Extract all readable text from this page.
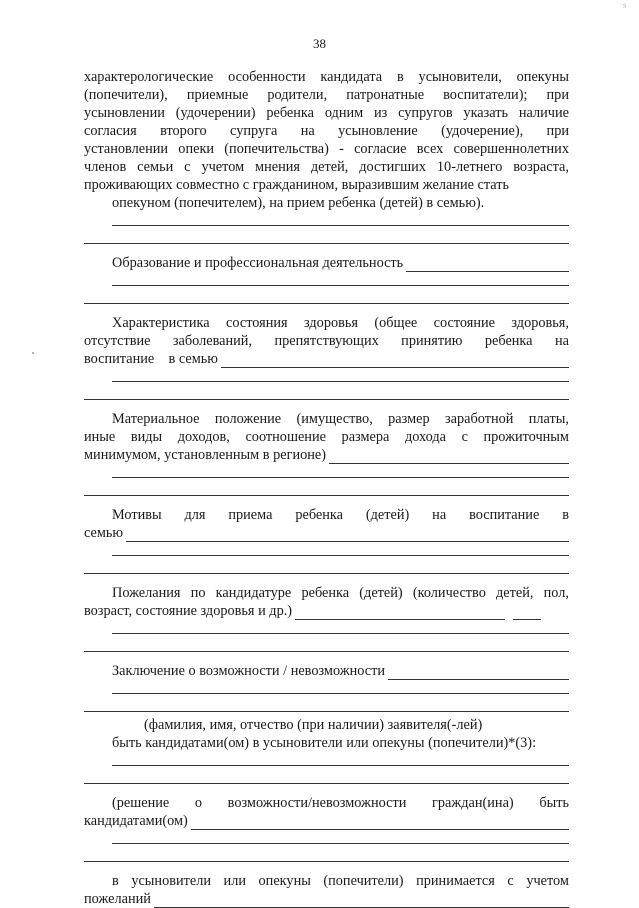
38
s
характерологические особенности кандидата в усыновители, опекуны
(попечители), приемные родители, патронатные воспитатели); при
усыновлении (удочерении) ребенка одним из супругов указать наличие
согласия второго супруга на усыновление (удочерение), при
установлении опеки (попечительства) - согласие всех совершеннолетних
членов семьи с учетом мнения детей, достигших 10-летнего возраста,
проживающих совместно с гражданином, выразившим желание стать
опекуном (попечителем), на прием ребенка (детей) в семью).
Образование и профессиональная деятельность
Характеристика состояния здоровья (общее состояние здоровья,
отсутствие заболеваний, препятствующих принятию ребенка на
воспитание    в семью
Материальное положение (имущество, размер заработной платы,
иные виды доходов, соотношение размера дохода с прожиточным
минимумом, установленным в регионе)
Мотивы для приема ребенка (детей) на воспитание в
семью
Пожелания по кандидатуре ребенка (детей) (количество детей, пол,
возраст, состояние здоровья и др.)
Заключение о возможности / невозможности
(фамилия, имя, отчество (при наличии) заявителя(-лей)
быть кандидатами(ом) в усыновители или опекуны (попечители)*(3):
(решение о возможности/невозможности граждан(ина) быть
кандидатами(ом)
в усыновители или опекуны (попечители) принимается с учетом
пожеланий
